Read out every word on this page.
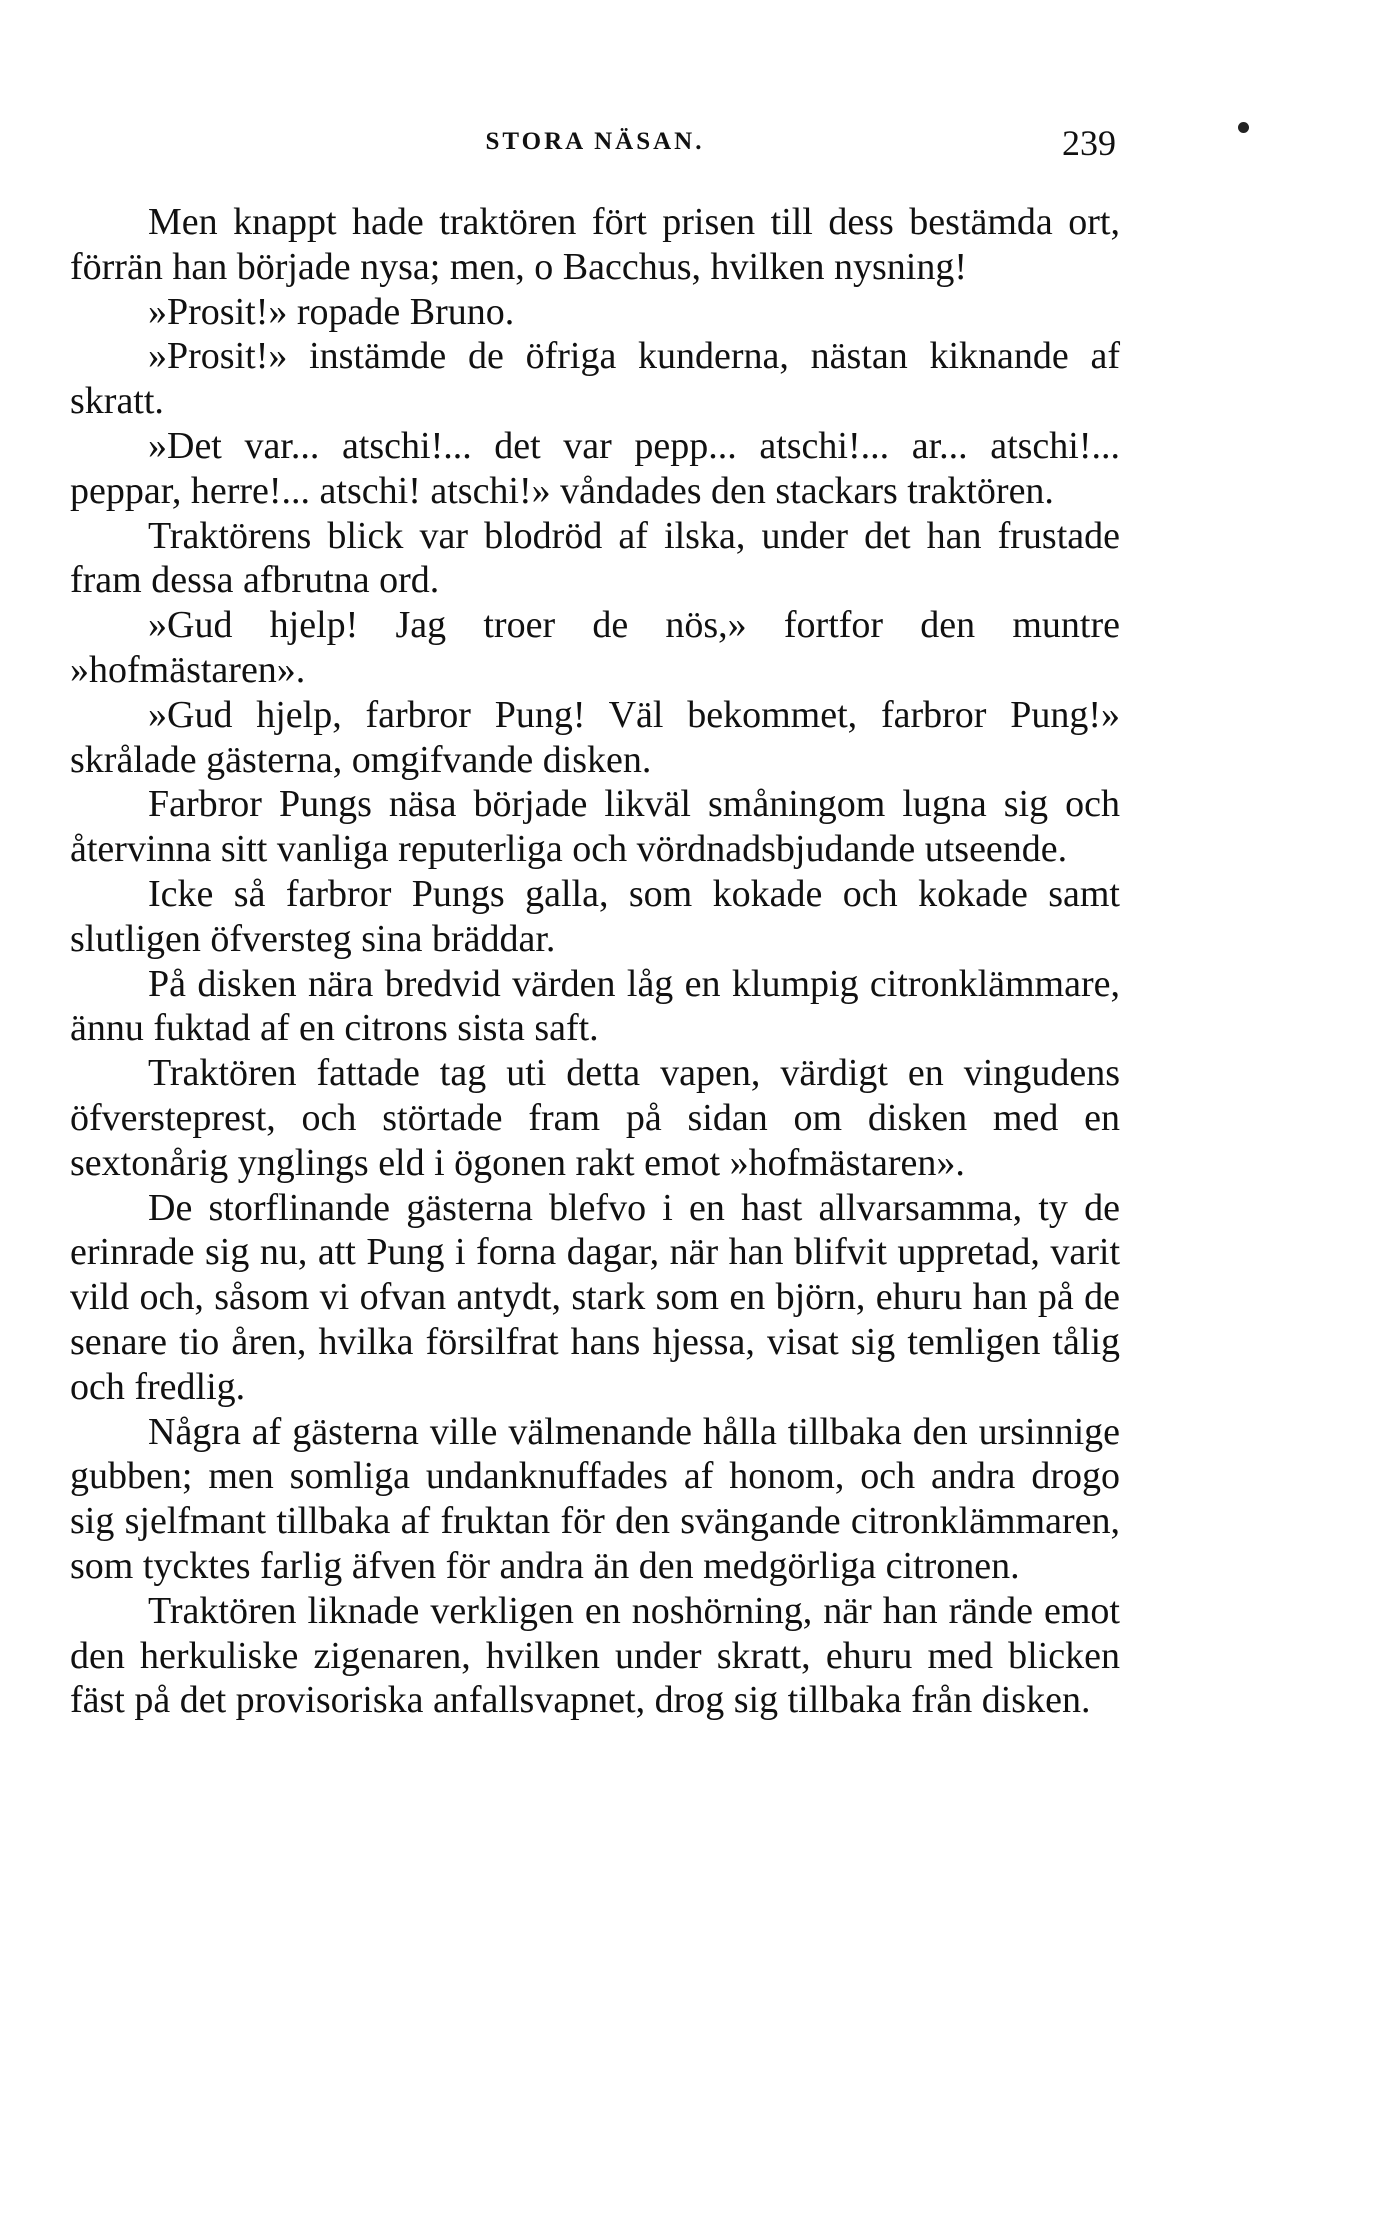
STORA NÄSAN.	239

Men knappt hade traktören fört prisen till dess bestämda ort, förrän han började nysa; men, o Bacchus, hvilken nysning!

»Prosit!» ropade Bruno.

»Prosit!» instämde de öfriga kunderna, nästan kiknande af skratt.

»Det var... atschi!... det var pepp... atschi!... ar... atschi!... peppar, herre!... atschi! atschi!» våndades den stackars traktören.

Traktörens blick var blodröd af ilska, under det han frustade fram dessa afbrutna ord.

»Gud hjelp! Jag troer de nös,» fortfor den muntre »hofmästaren».

»Gud hjelp, farbror Pung! Väl bekommet, farbror Pung!» skrålade gästerna, omgifvande disken.

Farbror Pungs näsa började likväl småningom lugna sig och återvinna sitt vanliga reputerliga och vördnadsbjudande utseende.

Icke så farbror Pungs galla, som kokade och kokade samt slutligen öfversteg sina bräddar.

På disken nära bredvid värden låg en klumpig citronklämmare, ännu fuktad af en citrons sista saft.

Traktören fattade tag uti detta vapen, värdigt en vingudens öfversteprest, och störtade fram på sidan om disken med en sextonårig ynglings eld i ögonen rakt emot »hofmästaren».

De storflinande gästerna blefvo i en hast allvarsamma, ty de erinrade sig nu, att Pung i forna dagar, när han blifvit uppretad, varit vild och, såsom vi ofvan antydt, stark som en björn, ehuru han på de senare tio åren, hvilka försilfrat hans hjessa, visat sig temligen tålig och fredlig.

Några af gästerna ville välmenande hålla tillbaka den ursinnige gubben; men somliga undanknuffades af honom, och andra drogo sig sjelfmant tillbaka af fruktan för den svängande citronklämmaren, som tycktes farlig äfven för andra än den medgörliga citronen.

Traktören liknade verkligen en noshörning, när han rände emot den herkuliske zigenaren, hvilken under skratt, ehuru med blicken fäst på det provisoriska anfallsvapnet, drog sig tillbaka från disken.
